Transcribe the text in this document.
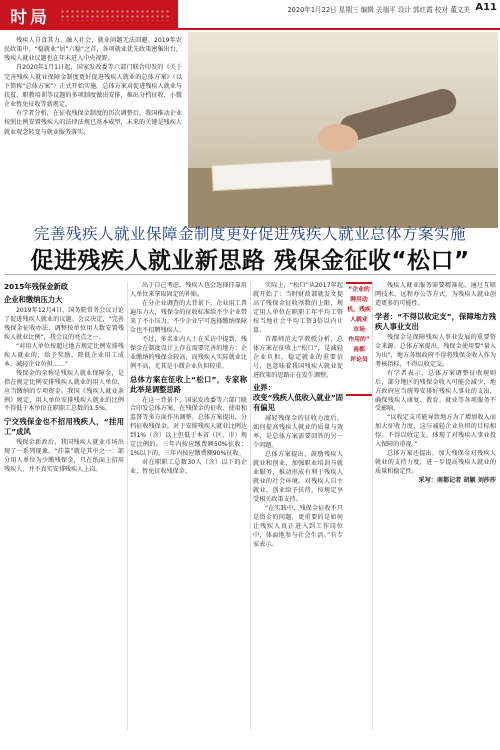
时局	2020年1月22日 星期三 编辑 关端平 设计 郭红霞 校对 董文美 A11

残疾人自食其力、融入社会，就业问题无法回避。2019年农民政策中，“稳就业”居“六稳”之首，各项就业优先政策密集出台，残疾人就业议题也在年末进入中央视野。

自2020年1月1日起，国家发改委等六部门联合印发的《关于完善残疾人就业保障金制度更好促进残疾人就业的总体方案》（以下简称“总体方案”）正式开始实施。总体方案对促进残疾人就业与扶贫、职教培训等议题的多项制度做出安排，推出分档征收、小微企业暂免征收等新规定。

有学者分析，在征收残保金制度的历次调整后，我国推动企业按照比例安置残疾人的法律法规已基本成型，未来的关键是残疾人就业观念转变与就业服务落实。

完善残疾人就业保障金制度更好促进残疾人就业总体方案实施
促进残疾人就业新思路 残保金征收“松口”
2015年残保金新政
企业和缴纳压力大

2019年12月4日，国务院常务会议讨论了促进残疾人就业的议题。会议决定，“完善残保金征收办法，调整按单位用人数安置残疾人就业比例”，我会议的亮点之一。

“对用人单位按超过地方规定比例安排残疾人就业的，给予奖励，降低企业用工成本，减轻企业负担……”

残保金的全称是残疾人就业保障金，是指在规定比例安排残疾人就业的用人单位，应当缴纳的专项资金。我国《残疾人就业条例》规定，用人单位安排残疾人就业的比例不得低于本单位在职职工总数的1.5%。

宁交残保金也不招用残疾人，“挂用工”成风

残保金新政后，我国残疾人就业市场出现了一系列现象。“挂靠”就是其中之一：部分用人单位为少缴残保金，只在纸面上招用残疾人，并不真实安排残疾人上岗。

出于自己考虑，残疾人也会选择挂靠用人单位来拿取固定的补贴。

在分企业调查的大背景下，企业用工普遍压力大，残保金的征收标准给不少企业带来了不小压力，不少企业宁可选择缴纳保障金也不招聘残疾人。

不过，多名业内人士在采访中提到，残保金在制度设计上存在需要完善的地方：企业缴纳的残保金较高，而残疾人实际就业比例不高，尤其是小微企业负担较重。

总体方案在征收上“松口”，专家称此举是调整思路

在这一背景下，国家发改委等六部门联合印发总体方案，在残保金的征收、使用和监督等多方面作出调整。总体方案提出，分档征收残保金，对于安排残疾人就业比例达到1%（含）以上但低于本省（区、市）规定比例的，三年内按应缴费额50%征收；1%以下的，三年内按应缴费额90%征收。

对在职职工总数30人（含）以下的企业，暂免征收残保金。

实际上，“松口”从2017年起就开始了：当时财政部就发文提高了残保金征收基数的上限，规定用人单位在职职工年平均工资按当地社会平均工资3倍以内计算。

首都师范大学教授分析，总体方案在征收上“松口”，是减轻企业负担、稳定就业的重要信号，也意味着我国残疾人就业促进政策的思路正在发生调整。

业界：
改变“残疾人低收入就业”固有偏见

减轻残保金的征收力度后，如何提高残疾人就业的质量与效率，是总体方案需要回答的另一个问题。

总体方案提出，鼓励残疾人就业和创业，加强职业培训与就业服务，推动形成有利于残疾人就业的社会环境。对残疾人自主就业、创业给予扶持，按规定享受相关政策支持。

“在实践中，残保金征收不只是资金的问题，更重要的是如何让残疾人真正进入到工作岗位中，体面地参与社会生活。”有专家表示。

“企业的

聘用动

机，残疾

人就业

市场

作用的”

南都

评论员

残疾人就业服务需要精准化，通过互联网技术、远程办公等方式，为残疾人就业创造更多的可能性。

学者：“不得以收定支”，保障地方残疾人事业支出

残保金是保障残疾人事业发展的重要资金来源。总体方案提出，残保金使用要“量入为出”，地方各级政府不得将残保金收入作为考核指标，不得以收定支。

有学者表示，总体方案调整征收规则后，部分地区的残保金收入可能会减少，地方政府应当统筹安排好残疾人事业的支出，确保残疾人康复、教育、就业等各项服务不受影响。

“以收定支可能导致地方为了增加收入而加大征收力度，这与减轻企业负担的目标相悖。不得以收定支，体现了对残疾人事业投入保障的重视。”

总体方案还提出，加大残保金对残疾人就业的支持力度，进一步提高残疾人就业的质量和稳定性。

采写：南都记者 胡颖 刘莎莎
